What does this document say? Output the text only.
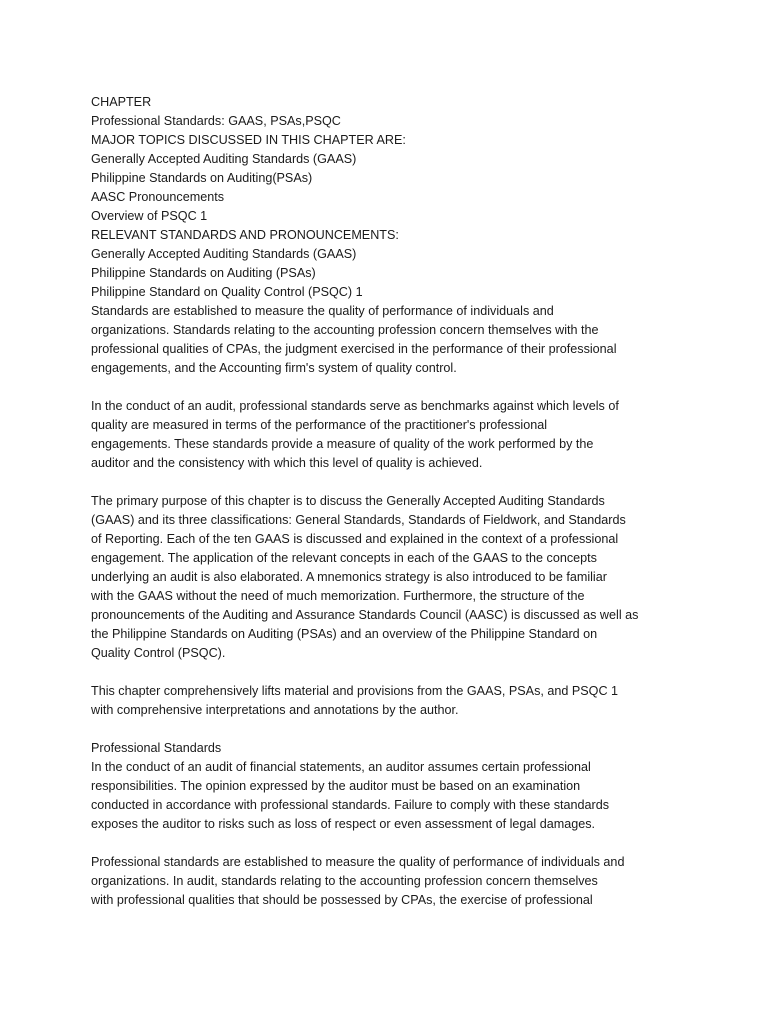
CHAPTER
Professional Standards: GAAS, PSAs,PSQC
MAJOR TOPICS DISCUSSED IN THIS CHAPTER ARE:
Generally Accepted Auditing Standards (GAAS)
Philippine Standards on Auditing(PSAs)
AASC Pronouncements
Overview of PSQC 1
RELEVANT STANDARDS AND PRONOUNCEMENTS:
Generally Accepted Auditing Standards (GAAS)
Philippine Standards on Auditing (PSAs)
Philippine Standard on Quality Control (PSQC) 1
Standards are established to measure the quality of performance of individuals and
organizations. Standards relating to the accounting profession concern themselves with the
professional qualities of CPAs, the judgment exercised in the performance of their professional
engagements, and the Accounting firm's system of quality control.
In the conduct of an audit, professional standards serve as benchmarks against which levels of
quality are measured in terms of the performance of the practitioner's professional
engagements. These standards provide a measure of quality of the work performed by the
auditor and the consistency with which this level of quality is achieved.
The primary purpose of this chapter is to discuss the Generally Accepted Auditing Standards
(GAAS) and its three classifications: General Standards, Standards of Fieldwork, and Standards
of Reporting. Each of the ten GAAS is discussed and explained in the context of a professional
engagement. The application of the relevant concepts in each of the GAAS to the concepts
underlying an audit is also elaborated. A mnemonics strategy is also introduced to be familiar
with the GAAS without the need of much memorization. Furthermore, the structure of the
pronouncements of the Auditing and Assurance Standards Council (AASC) is discussed as well as
the Philippine Standards on Auditing (PSAs) and an overview of the Philippine Standard on
Quality Control (PSQC).
This chapter comprehensively lifts material and provisions from the GAAS, PSAs, and PSQC 1
with comprehensive interpretations and annotations by the author.
Professional Standards
In the conduct of an audit of financial statements, an auditor assumes certain professional
responsibilities. The opinion expressed by the auditor must be based on an examination
conducted in accordance with professional standards. Failure to comply with these standards
exposes the auditor to risks such as loss of respect or even assessment of legal damages.
Professional standards are established to measure the quality of performance of individuals and
organizations. In audit, standards relating to the accounting profession concern themselves
with professional qualities that should be possessed by CPAs, the exercise of professional
